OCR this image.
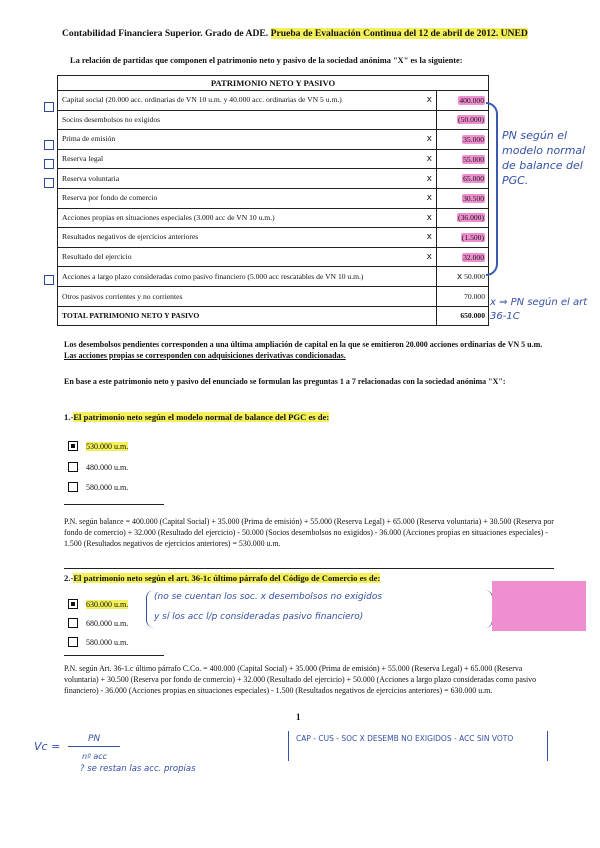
Contabilidad Financiera Superior. Grado de ADE. Prueba de Evaluación Continua del 12 de abril de 2012. UNED
La relación de partidas que componen el patrimonio neto y pasivo de la sociedad anónima "X" es la siguiente:
PATRIMONIO NETO Y PASIVO	
Capital social (20.000 acc. ordinarias de VN 10 u.m. y 40.000 acc. ordinarias de VN 5 u.m.) x	400.000
Socios desembolsos no exigidos	(50.000)
Prima de emisión x	35.000
Reserva legal x	55.000
Reserva voluntaria x	65.000
Reserva por fondo de comercio x	30.500
Acciones propias en situaciones especiales (3.000 acc de VN 10 u.m.) x	(36.000)
Resultados negativos de ejercicios anteriores x	(1.500)
Resultado del ejercicio x	32.000
Acciones a largo plazo consideradas como pasivo financiero (5.000 acc rescatables de VN 10 u.m.)	x 50.000
Otros pasivos corrientes y no corrientes	70.000
TOTAL PATRIMONIO NETO Y PASIVO	650.000
PN según el modelo normal de balance del PGC.
x ⇒ PN según el art 36-1C
Los desembolsos pendientes corresponden a una última ampliación de capital en la que se emitieron 20.000 acciones ordinarias de VN 5 u.m. Las acciones propias se corresponden con adquisiciones derivativas condicionadas.
En base a este patrimonio neto y pasivo del enunciado se formulan las preguntas 1 a 7 relacionadas con la sociedad anónima "X":
1.-El patrimonio neto según el modelo normal de balance del PGC es de:
530.000 u.m.
480.000 u.m.
580.000 u.m.
P.N. según balance = 400.000 (Capital Social) + 35.000 (Prima de emisión) + 55.000 (Reserva Legal) + 65.000 (Reserva voluntaria) + 30.500 (Reserva por fondo de comercio) + 32.000 (Resultado del ejercicio) - 50.000 (Socios desembolsos no exigidos) - 36.000 (Acciones propias en situaciones especiales) - 1.500 (Resultados negativos de ejercicios anteriores) = 530.000 u.m.
2.-El patrimonio neto según el art. 36-1c último párrafo del Código de Comercio es de:
630.000 u.m.
680.000 u.m.
580.000 u.m.
(no se cuentan los soc. x desembolsos no exigidos
y sí los acc l/p consideradas pasivo financiero)
P.N. según Art. 36-1.c último párrafo C.Co. = 400.000 (Capital Social) + 35.000 (Prima de emisión) + 55.000 (Reserva Legal) + 65.000 (Reserva voluntaria) + 30.500 (Reserva por fondo de comercio) + 32.000 (Resultado del ejercicio) + 50.000 (Acciones a largo plazo consideradas como pasivo financiero) - 36.000 (Acciones propias en situaciones especiales) - 1.500 (Resultados negativos de ejercicios anteriores) = 630.000 u.m.
1
PN
Vc =
nº acc
? se restan las acc. propias
CAP - CUS - SOC X DESEMB NO EXIGIDOS - ACC SIN VOTO
